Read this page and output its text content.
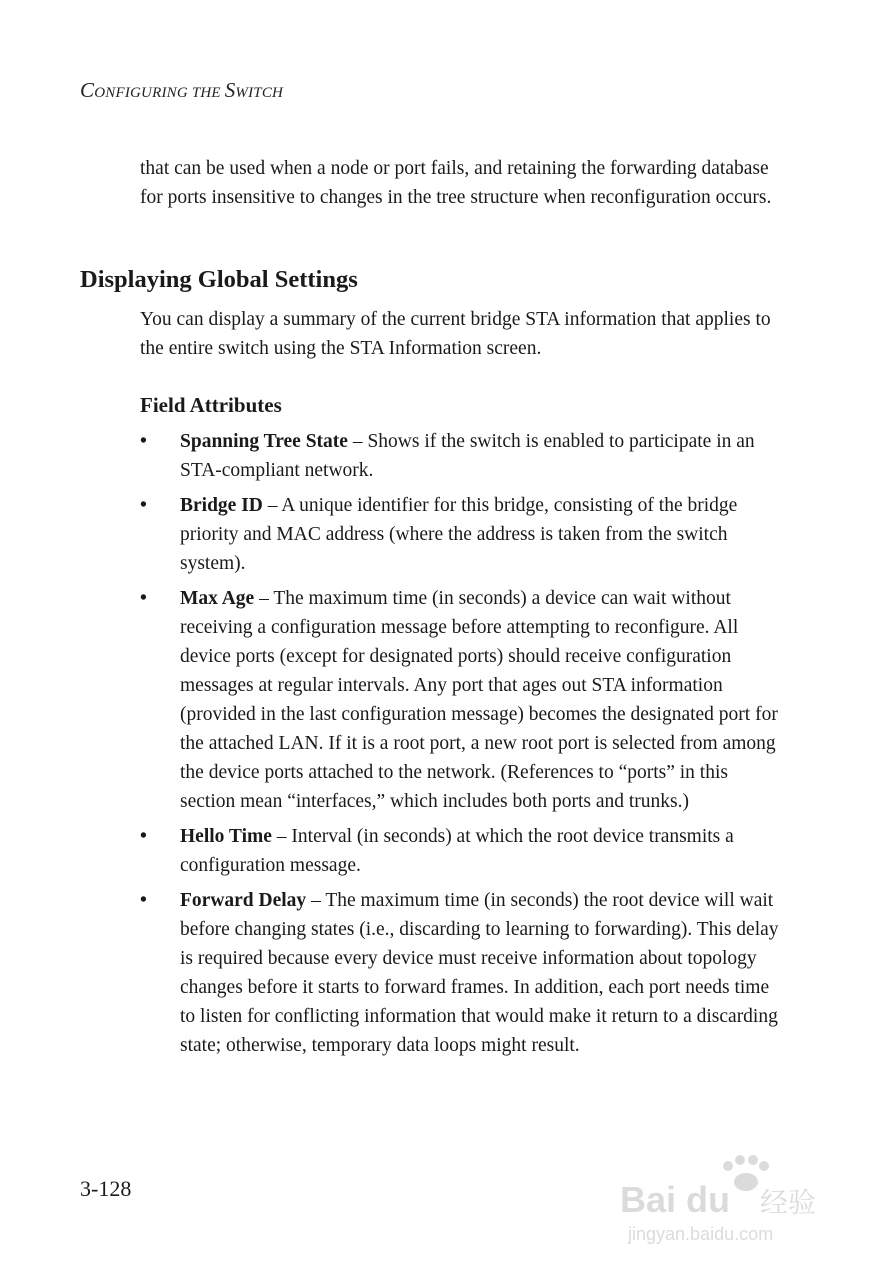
CONFIGURING THE SWITCH

that can be used when a node or port fails, and retaining the forwarding database for ports insensitive to changes in the tree structure when reconfiguration occurs.

Displaying Global Settings

You can display a summary of the current bridge STA information that applies to the entire switch using the STA Information screen.

Field Attributes
• Spanning Tree State – Shows if the switch is enabled to participate in an STA-compliant network.
• Bridge ID – A unique identifier for this bridge, consisting of the bridge priority and MAC address (where the address is taken from the switch system).
• Max Age – The maximum time (in seconds) a device can wait without receiving a configuration message before attempting to reconfigure. All device ports (except for designated ports) should receive configuration messages at regular intervals. Any port that ages out STA information (provided in the last configuration message) becomes the designated port for the attached LAN. If it is a root port, a new root port is selected from among the device ports attached to the network. (References to “ports” in this section mean “interfaces,” which includes both ports and trunks.)
• Hello Time – Interval (in seconds) at which the root device transmits a configuration message.
• Forward Delay – The maximum time (in seconds) the root device will wait before changing states (i.e., discarding to learning to forwarding). This delay is required because every device must receive information about topology changes before it starts to forward frames. In addition, each port needs time to listen for conflicting information that would make it return to a discarding state; otherwise, temporary data loops might result.
3-128	Bai du 经验
jingyan.baidu.com
